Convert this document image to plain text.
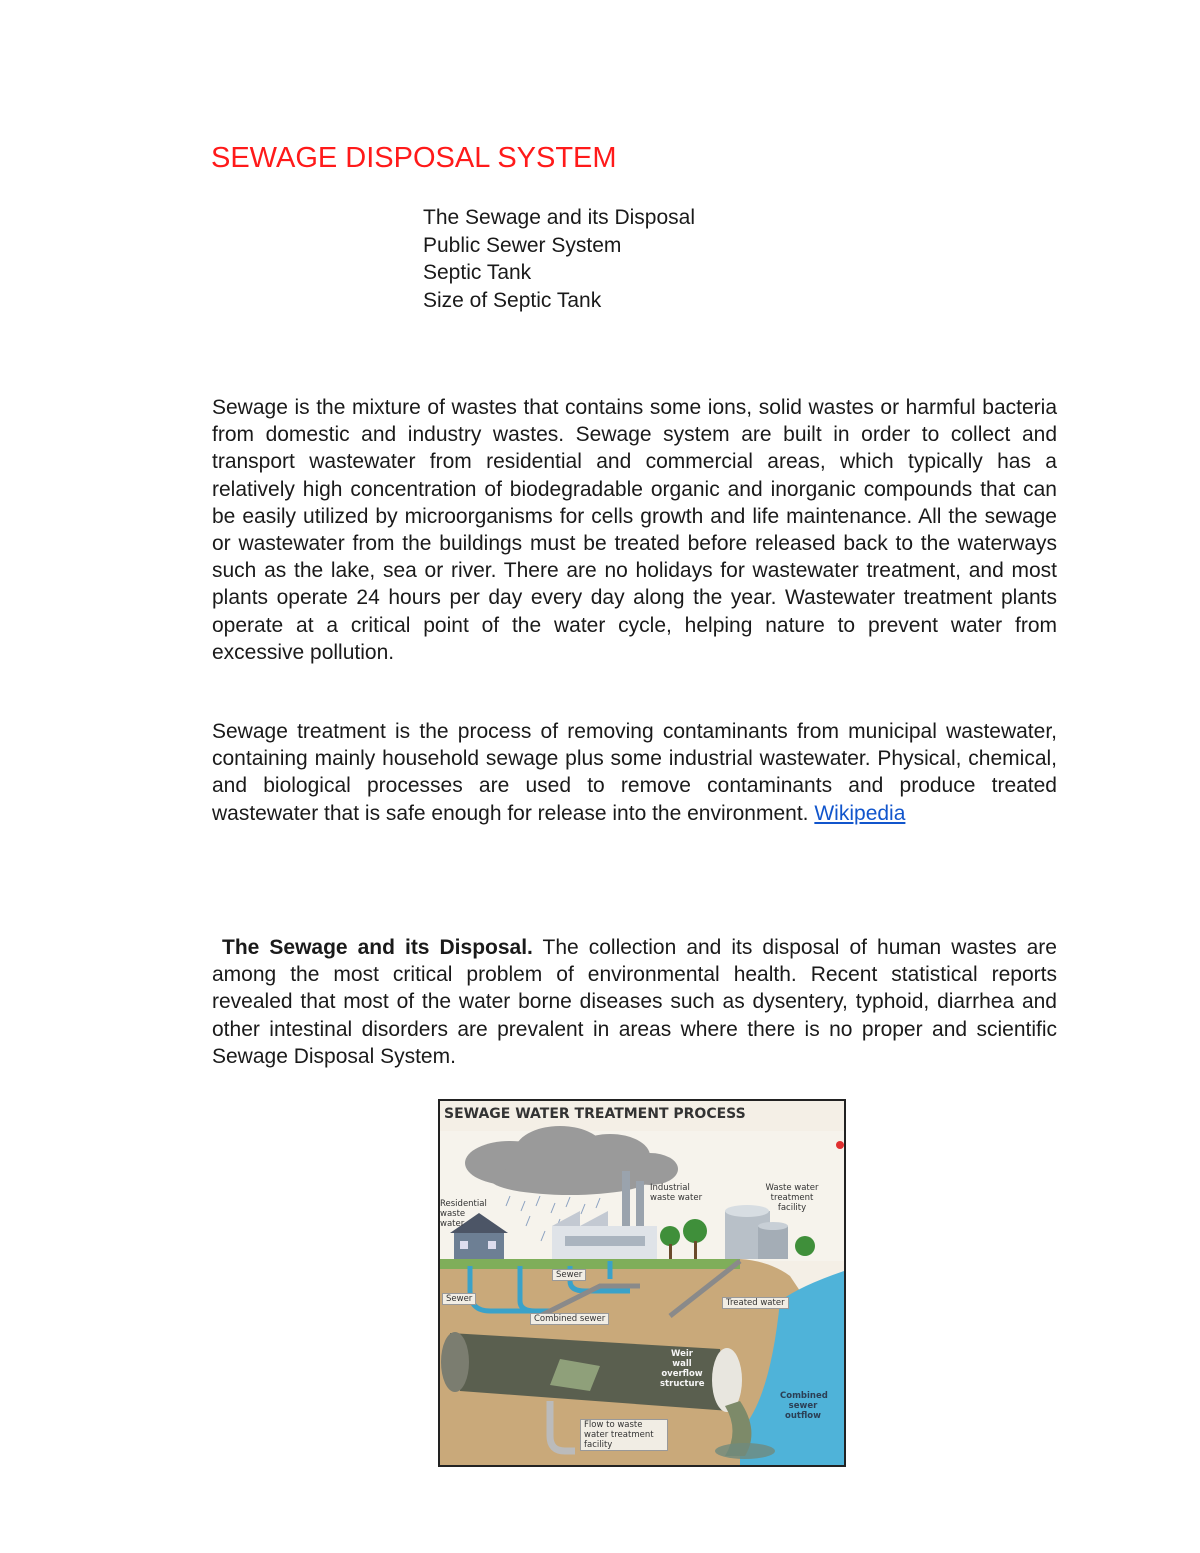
SEWAGE DISPOSAL SYSTEM
The Sewage and its Disposal
Public Sewer System
Septic Tank
Size of Septic Tank
Sewage is the mixture of wastes that contains some ions, solid wastes or harmful bacteria from domestic and industry wastes. Sewage system are built in order to collect and transport wastewater from residential and commercial areas, which typically has a relatively high concentration of biodegradable organic and inorganic compounds that can be easily utilized by microorganisms for cells growth and life maintenance. All the sewage or wastewater from the buildings must be treated before released back to the waterways such as the lake, sea or river. There are no holidays for wastewater treatment, and most plants operate 24 hours per day every day along the year. Wastewater treatment plants operate at a critical point of the water cycle, helping nature to prevent water from excessive pollution.
Sewage treatment is the process of removing contaminants from municipal wastewater, containing mainly household sewage plus some industrial wastewater. Physical, chemical, and biological processes are used to remove contaminants and produce treated wastewater that is safe enough for release into the environment. Wikipedia
The Sewage and its Disposal. The collection and its disposal of human wastes are among the most critical problem of environmental health. Recent statistical reports revealed that most of the water borne diseases such as dysentery, typhoid, diarrhea and other intestinal disorders are prevalent in areas where there is no proper and scientific Sewage Disposal System.
SEWAGE WATER TREATMENT PROCESS
Residential waste water
Industrial waste water
Waste water treatment facility
Sewer
Sewer
Combined sewer
Treated water
Weir wall overflow structure
Combined sewer outflow
Flow to waste water treatment facility
